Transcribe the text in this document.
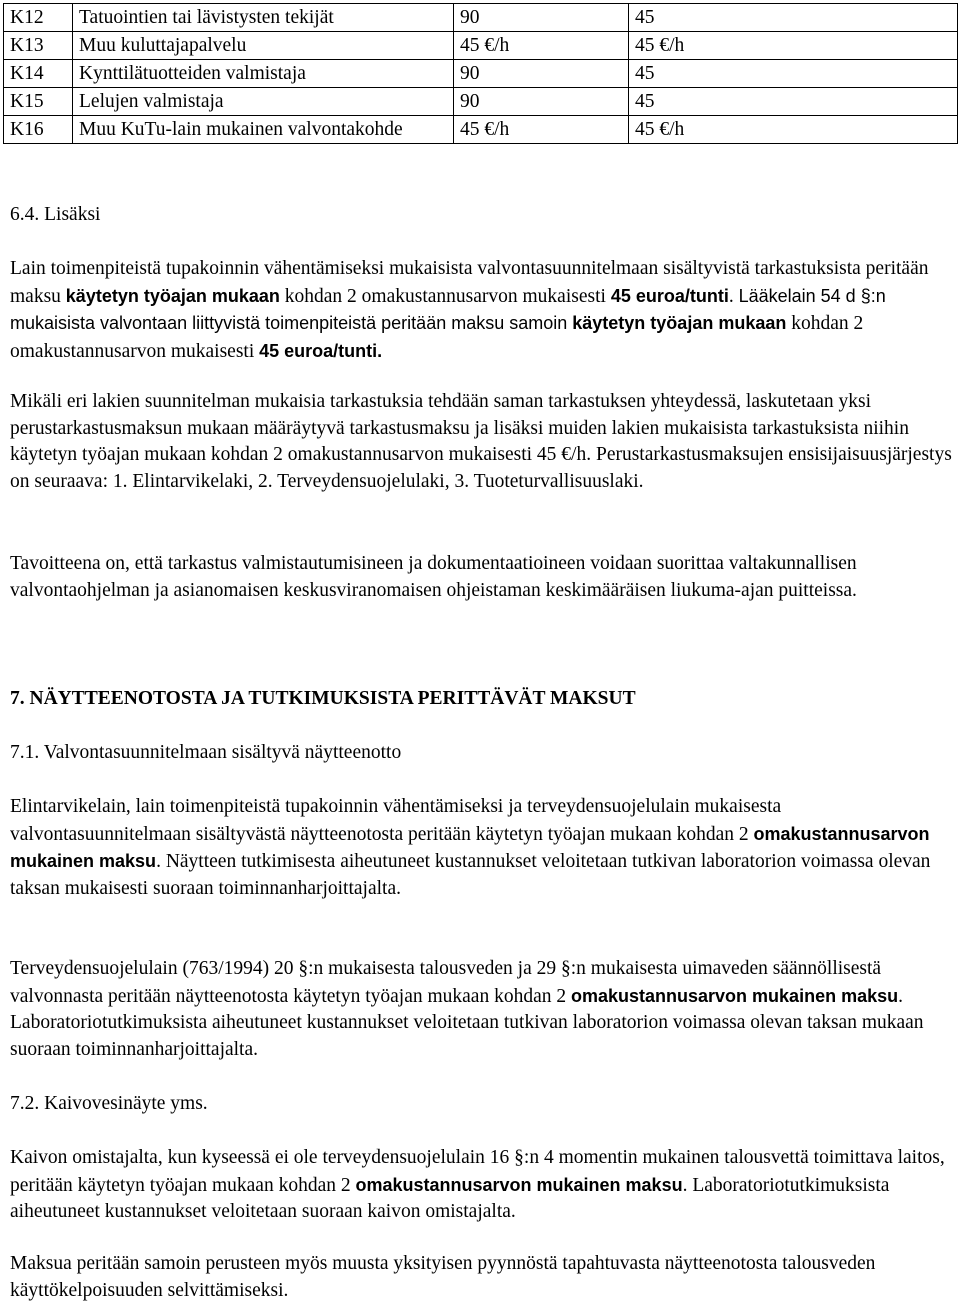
K12	Tatuointien tai lävistysten tekijät	90	45
K13	Muu kuluttajapalvelu	45 €/h	45 €/h
K14	Kynttilätuotteiden valmistaja	90	45
K15	Lelujen valmistaja	90	45
K16	Muu KuTu-lain mukainen valvontakohde	45 €/h	45 €/h

6.4. Lisäksi

Lain toimenpiteistä tupakoinnin vähentämiseksi mukaisista valvontasuunnitelmaan sisältyvistä tarkastuksista peritään maksu käytetyn työajan mukaan kohdan 2 omakustannusarvon mukaisesti 45 euroa/tunti. Lääkelain 54 d §:n mukaisista valvontaan liittyvistä toimenpiteistä peritään maksu samoin käytetyn työajan mukaan kohdan 2 omakustannusarvon mukaisesti 45 euroa/tunti.

Mikäli eri lakien suunnitelman mukaisia tarkastuksia tehdään saman tarkastuksen yhteydessä, laskutetaan yksi perustarkastusmaksun mukaan määräytyvä tarkastusmaksu ja lisäksi muiden lakien mukaisista tarkastuksista niihin käytetyn työajan mukaan kohdan 2 omakustannusarvon mukaisesti 45 €/h. Perustarkastusmaksujen ensisijaisuusjärjestys on seuraava: 1. Elintarvikelaki, 2. Terveydensuojelulaki, 3. Tuoteturvallisuuslaki.

Tavoitteena on, että tarkastus valmistautumisineen ja dokumentaatioineen voidaan suorittaa valtakunnallisen valvontaohjelman ja asianomaisen keskusviranomaisen ohjeistaman keskimääräisen liukuma-ajan puitteissa.

7. NÄYTTEENOTOSTA JA TUTKIMUKSISTA PERITTÄVÄT MAKSUT

7.1. Valvontasuunnitelmaan sisältyvä näytteenotto

Elintarvikelain, lain toimenpiteistä tupakoinnin vähentämiseksi ja terveydensuojelulain mukaisesta valvontasuunnitelmaan sisältyvästä näytteenotosta peritään käytetyn työajan mukaan kohdan 2 omakustannusarvon mukainen maksu. Näytteen tutkimisesta aiheutuneet kustannukset veloitetaan tutkivan laboratorion voimassa olevan taksan mukaisesti suoraan toiminnanharjoittajalta.

Terveydensuojelulain (763/1994) 20 §:n mukaisesta talousveden ja 29 §:n mukaisesta uimaveden säännöllisestä valvonnasta peritään näytteenotosta käytetyn työajan mukaan kohdan 2 omakustannusarvon mukainen maksu. Laboratoriotutkimuksista aiheutuneet kustannukset veloitetaan tutkivan laboratorion voimassa olevan taksan mukaan suoraan toiminnanharjoittajalta.

7.2. Kaivovesinäyte yms.

Kaivon omistajalta, kun kyseessä ei ole terveydensuojelulain 16 §:n 4 momentin mukainen talousvettä toimittava laitos, peritään käytetyn työajan mukaan kohdan 2 omakustannusarvon mukainen maksu. Laboratoriotutkimuksista aiheutuneet kustannukset veloitetaan suoraan kaivon omistajalta.

Maksua peritään samoin perusteen myös muusta yksityisen pyynnöstä tapahtuvasta näytteenotosta talousveden käyttökelpoisuuden selvittämiseksi.
